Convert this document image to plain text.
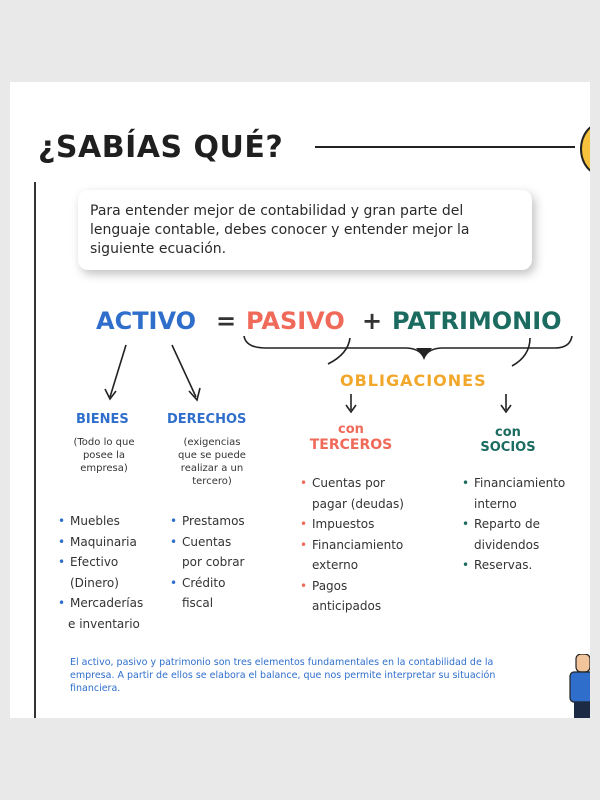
¿SABÍAS QUÉ?

Para entender mejor de contabilidad y gran parte del lenguaje contable, debes conocer y entender mejor la siguiente ecuación.

ACTIVO = PASIVO + PATRIMONIO
OBLIGACIONES
BIENES
(Todo lo que
posee la
empresa)
• Muebles
• Maquinaria
• Efectivo
(Dinero)
• Mercaderías
e inventario
DERECHOS
(exigencias
que se puede
realizar a un
tercero)
• Prestamos
• Cuentas
por cobrar
• Crédito
fiscal
con
TERCEROS
• Cuentas por
pagar (deudas)
• Impuestos
• Financiamiento
externo
• Pagos
anticipados
con
SOCIOS
• Financiamiento
interno
• Reparto de
dividendos
• Reservas.
El activo, pasivo y patrimonio son tres elementos fundamentales en la contabilidad de la empresa. A partir de ellos se elabora el balance, que nos permite interpretar su situación financiera.
